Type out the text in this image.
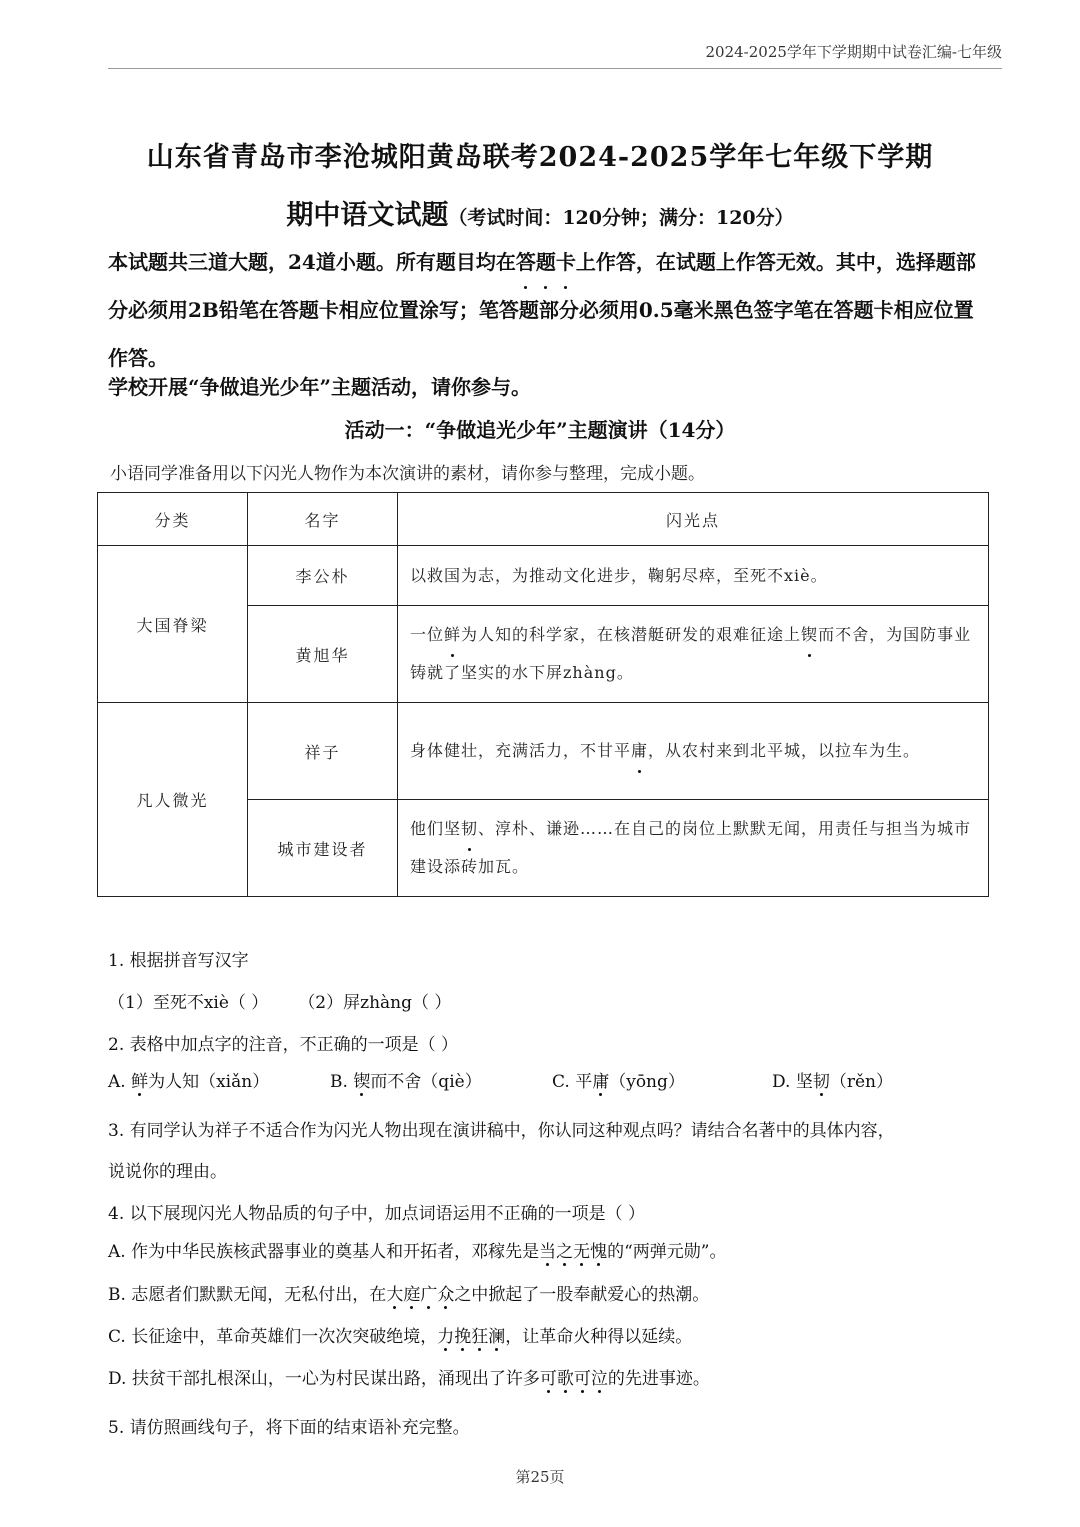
2024-2025学年下学期期中试卷汇编-七年级
山东省青岛市李沧城阳黄岛联考2024-2025学年七年级下学期
期中语文试题（考试时间：120分钟；满分：120分）
本试题共三道大题，24道小题。所有题目均在答题卡上作答，在试题上作答无效。其中，选择题部分必须用2B铅笔在答题卡相应位置涂写；笔答题部分必须用0.5毫米黑色签字笔在答题卡相应位置作答。
学校开展“争做追光少年”主题活动，请你参与。
活动一：“争做追光少年”主题演讲（14分）
小语同学准备用以下闪光人物作为本次演讲的素材，请你参与整理，完成小题。
分类	名字	闪光点
大国脊梁	李公朴	以救国为志，为推动文化进步，鞠躬尽瘁，至死不xiè。
	黄旭华	一位鲜为人知的科学家，在核潜艇研发的艰难征途上锲而不舍，为国防事业铸就了坚实的水下屏zhàng。
凡人微光	祥子	身体健壮，充满活力，不甘平庸，从农村来到北平城，以拉车为生。
	城市建设者	他们坚韧、淳朴、谦逊……在自己的岗位上默默无闻，用责任与担当为城市建设添砖加瓦。
1. 根据拼音写汉字
（1）至死不xiè（ ） （2）屏zhàng（ ）
2. 表格中加点字的注音，不正确的一项是（ ）
A. 鲜为人知（xiǎn）	B. 锲而不舍（qiè）	C. 平庸（yōng）	D. 坚韧（rěn）
3. 有同学认为祥子不适合作为闪光人物出现在演讲稿中，你认同这种观点吗？请结合名著中的具体内容，
说说你的理由。
4. 以下展现闪光人物品质的句子中，加点词语运用不正确的一项是（ ）
A. 作为中华民族核武器事业的奠基人和开拓者，邓稼先是当之无愧的“两弹元勋”。
B. 志愿者们默默无闻，无私付出，在大庭广众之中掀起了一股奉献爱心的热潮。
C. 长征途中，革命英雄们一次次突破绝境，力挽狂澜，让革命火种得以延续。
D. 扶贫干部扎根深山，一心为村民谋出路，涌现出了许多可歌可泣的先进事迹。
5. 请仿照画线句子，将下面的结束语补充完整。
第25页
